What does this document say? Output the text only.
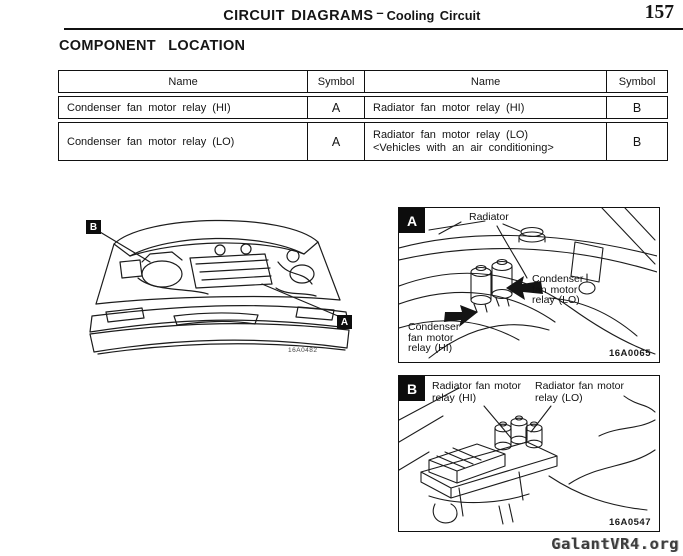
CIRCUIT DIAGRAMS – Cooling Circuit	157
COMPONENT LOCATION
Name	Symbol	Name	Symbol
Condenser fan motor relay (HI)	A	Radiator fan motor relay (HI)	B
Condenser fan motor relay (LO)	A	Radiator fan motor relay (LO)
<Vehicles with an air conditioning>	B
B
A
16A0482
A	Radiator
Condenser fan motor relay (LO)
Condenser fan motor relay (HI)	16A0065
B	Radiator fan motor relay (HI)
Radiator fan motor relay (LO)
16A0547
GalantVR4.org
